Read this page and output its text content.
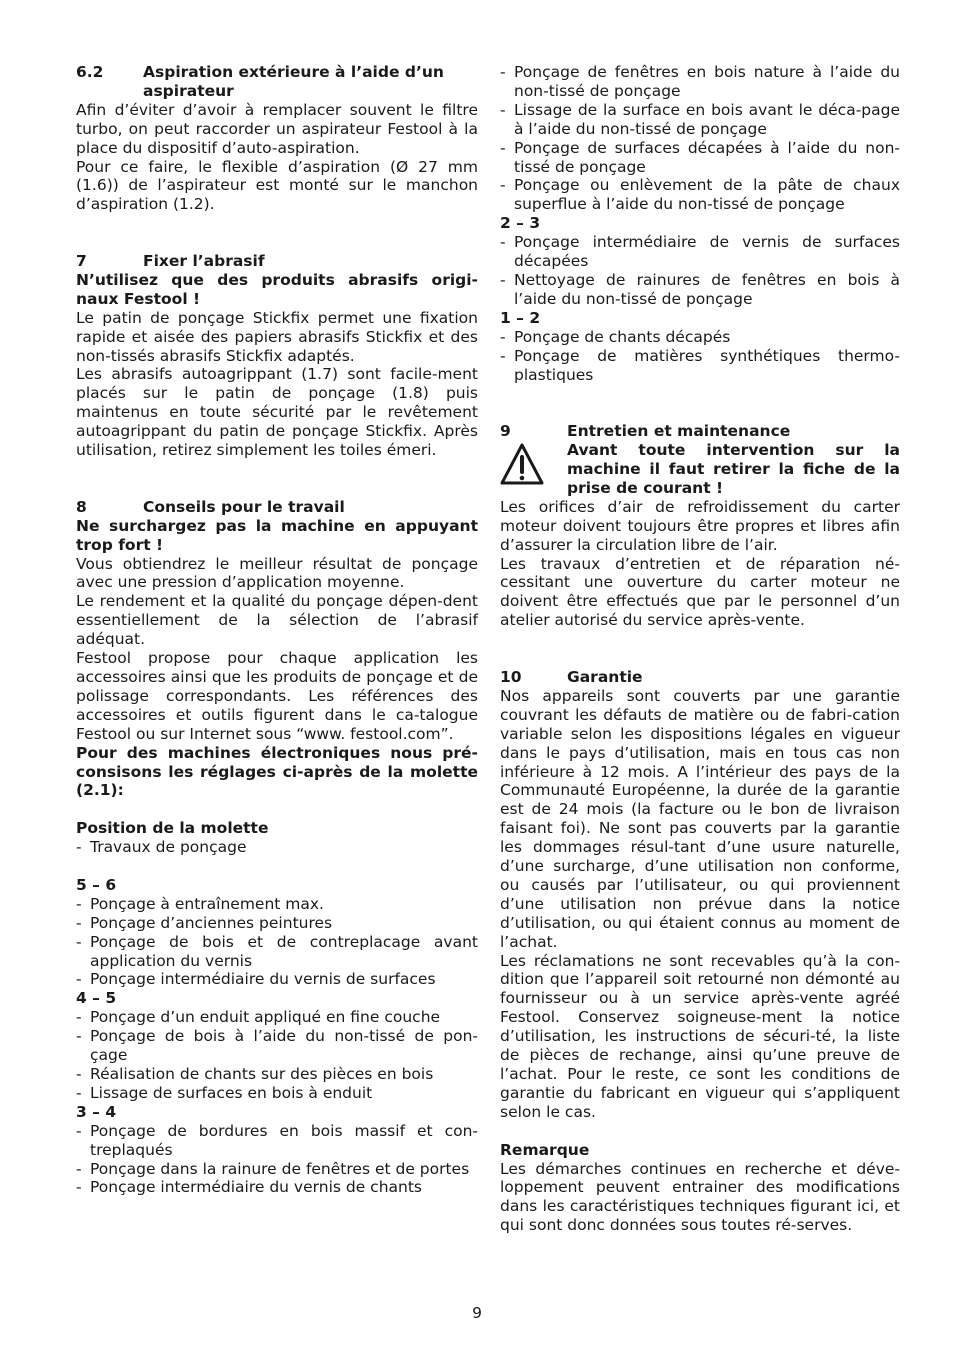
6.2	Aspiration extérieure à l’aide d’un aspirateur

Afin d’éviter d’avoir à remplacer souvent le filtre turbo, on peut raccorder un aspirateur Festool à la place du dispositif d’auto-aspiration.

Pour ce faire, le flexible d’aspiration (Ø 27 mm (1.6)) de l’aspirateur est monté sur le manchon d’aspiration (1.2).

7	Fixer l’abrasif

N’utilisez que des produits abrasifs origi-naux Festool !

Le patin de ponçage Stickfix permet une fixation rapide et aisée des papiers abrasifs Stickfix et des non-tissés abrasifs Stickfix adaptés.

Les abrasifs autoagrippant (1.7) sont facile-ment placés sur le patin de ponçage (1.8) puis maintenus en toute sécurité par le revêtement autoagrippant du patin de ponçage Stickfix. Après utilisation, retirez simplement les toiles émeri.

8	Conseils pour le travail

Ne surchargez pas la machine en appuyant trop fort !

Vous obtiendrez le meilleur résultat de ponçage avec une pression d’application moyenne.

Le rendement et la qualité du ponçage dépen-dent essentiellement de la sélection de l’abrasif adéquat.

Festool propose pour chaque application les accessoires ainsi que les produits de ponçage et de polissage correspondants. Les références des accessoires et outils figurent dans le ca-talogue Festool ou sur Internet sous “www. festool.com”.

Pour des machines électroniques nous pré-consisons les réglages ci-après de la molette (2.1):

Position de la molette

- Travaux de ponçage

5 – 6

- Ponçage à entraînement max.
- Ponçage d’anciennes peintures
- Ponçage de bois et de contreplacage avant application du vernis
- Ponçage intermédiaire du vernis de surfaces

4 – 5

- Ponçage d’un enduit appliqué en fine couche
- Ponçage de bois à l’aide du non-tissé de pon-çage
- Réalisation de chants sur des pièces en bois
- Lissage de surfaces en bois à enduit

3 – 4

- Ponçage de bordures en bois massif et con-treplaqués
- Ponçage dans la rainure de fenêtres et de portes
- Ponçage intermédiaire du vernis de chants
- Ponçage de fenêtres en bois nature à l’aide du non-tissé de ponçage
- Lissage de la surface en bois avant le déca-page à l’aide du non-tissé de ponçage
- Ponçage de surfaces décapées à l’aide du non-tissé de ponçage
- Ponçage ou enlèvement de la pâte de chaux superflue à l’aide du non-tissé de ponçage

2 – 3

- Ponçage intermédiaire de vernis de surfaces décapées
- Nettoyage de rainures de fenêtres en bois à l’aide du non-tissé de ponçage

1 – 2

- Ponçage de chants décapés
- Ponçage de matières synthétiques thermo-plastiques
9	Entretien et maintenance
Avant toute intervention sur la machine il faut retirer la fiche de la prise de courant !

Les orifices d’air de refroidissement du carter moteur doivent toujours être propres et libres afin d’assurer la circulation libre de l’air.

Les travaux d’entretien et de réparation né-cessitant une ouverture du carter moteur ne doivent être effectués que par le personnel d’un atelier autorisé du service après-vente.

10	Garantie

Nos appareils sont couverts par une garantie couvrant les défauts de matière ou de fabri-cation variable selon les dispositions légales en vigueur dans le pays d’utilisation, mais en tous cas non inférieure à 12 mois. A l’intérieur des pays de la Communauté Européenne, la durée de la garantie est de 24 mois (la facture ou le bon de livraison faisant foi). Ne sont pas couverts par la garantie les dommages résul-tant d’une usure naturelle, d’une surcharge, d’une utilisation non conforme, ou causés par l’utilisateur, ou qui proviennent d’une utilisation non prévue dans la notice d’utilisation, ou qui étaient connus au moment de l’achat.

Les réclamations ne sont recevables qu’à la con-dition que l’appareil soit retourné non démonté au fournisseur ou à un service après-vente agréé Festool. Conservez soigneuse-ment la notice d’utilisation, les instructions de sécuri-té, la liste de pièces de rechange, ainsi qu’une preuve de l’achat. Pour le reste, ce sont les conditions de garantie du fabricant en vigueur qui s’appliquent selon le cas.

Remarque

Les démarches continues en recherche et déve-loppement peuvent entrainer des modifications dans les caractéristiques techniques figurant ici, et qui sont donc données sous toutes ré-serves.

9
